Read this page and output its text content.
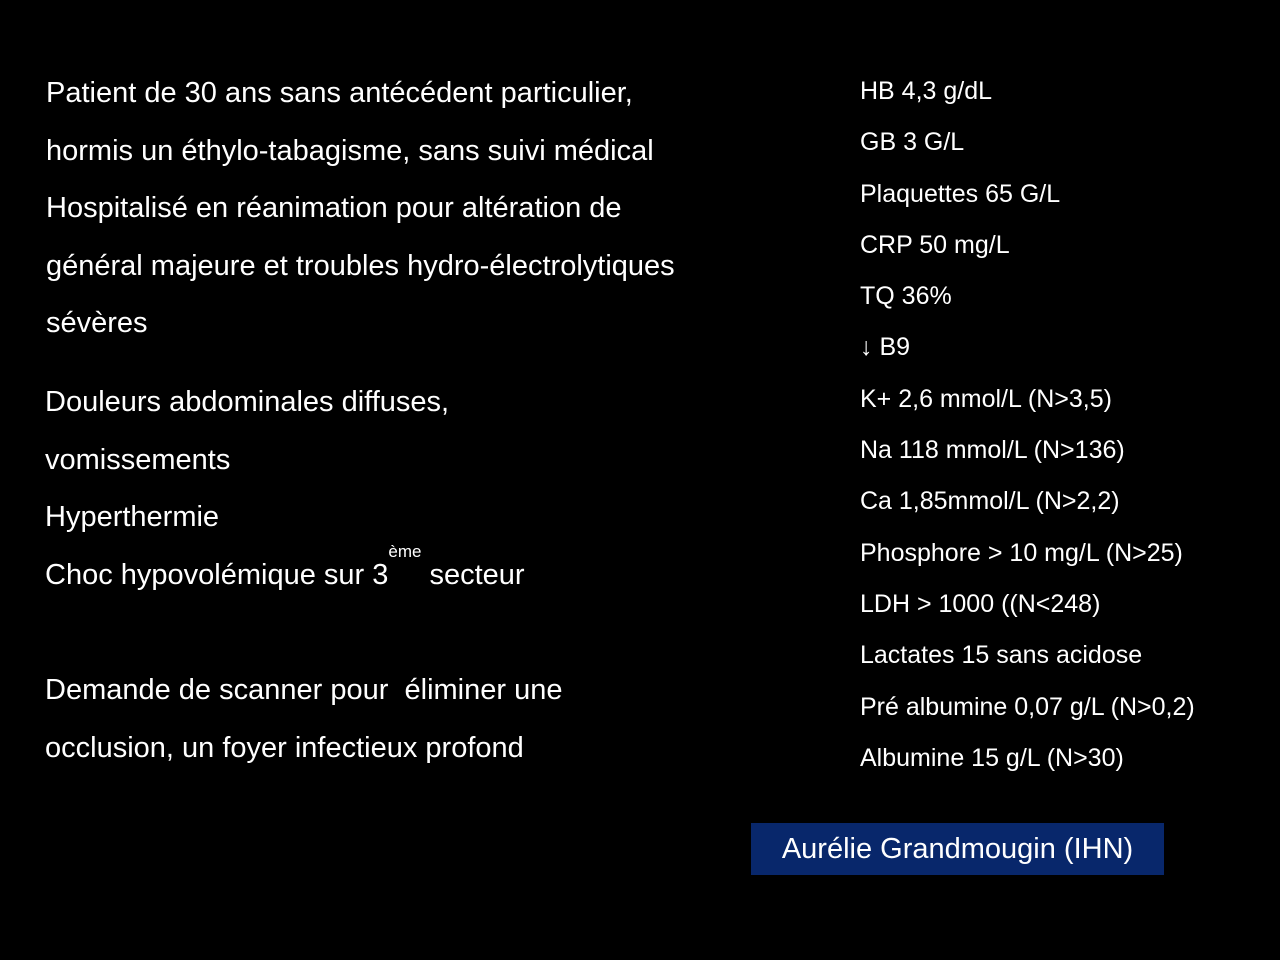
Patient de 30 ans sans antécédent particulier,
hormis un éthylo-tabagisme, sans suivi médical
Hospitalisé en réanimation pour altération de
général majeure et troubles hydro-électrolytiques
sévères
Douleurs abdominales diffuses,
vomissements
Hyperthermie
Choc hypovolémique sur 3ème secteur
Demande de scanner pour  éliminer une
occlusion, un foyer infectieux profond
HB 4,3 g/dL
GB 3 G/L
Plaquettes 65 G/L
CRP 50 mg/L
TQ 36%
↓ B9
K+ 2,6 mmol/L (N>3,5)
Na 118 mmol/L (N>136)
Ca 1,85mmol/L (N>2,2)
Phosphore > 10 mg/L (N>25)
LDH > 1000 ((N<248)
Lactates 15 sans acidose
Pré albumine 0,07 g/L (N>0,2)
Albumine 15 g/L (N>30)
Aurélie Grandmougin (IHN)
